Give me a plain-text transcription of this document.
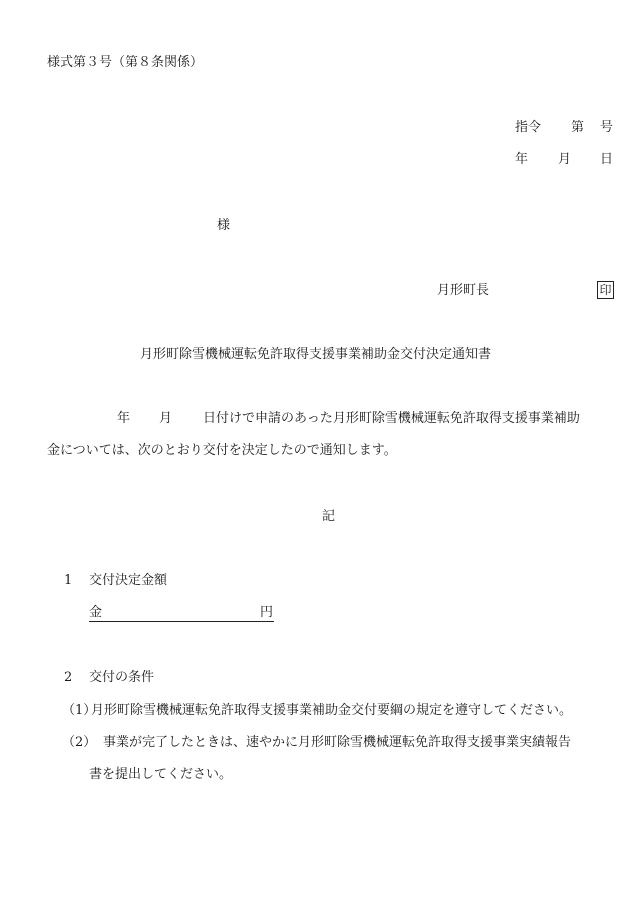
様式第３号（第８条関係）
指令 第 号
年 月 日
様
月形町長	印
月形町除雪機械運転免許取得支援事業補助金交付決定通知書
年 月 日付けで申請のあった月形町除雪機械運転免許取得支援事業補助
金については、次のとおり交付を決定したので通知します。
記
1 交付決定金額
金	円
2 交付の条件
（1）
月形町除雪機械運転免許取得支援事業補助金交付要綱の規定を遵守してください。
（2） 事業が完了したときは、速やかに月形町除雪機械運転免許取得支援事業実績報告
書を提出してください。
